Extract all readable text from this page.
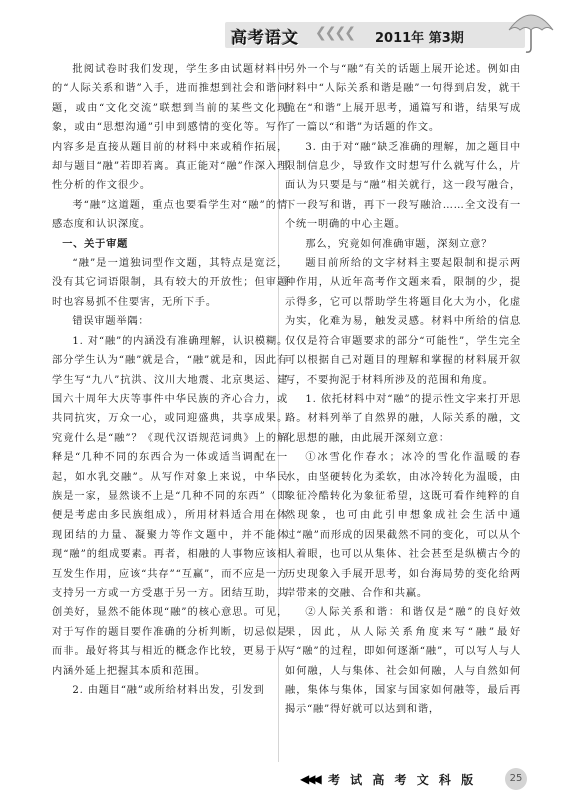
高考语文 ❮❮❮❮ 2011年 第3期

批阅试卷时我们发现，学生多由试题材料中的“人际关系和谐”入手，进而推想到社会和谐问题，或由“文化交流”联想到当前的某些文化现象，或由“思想沟通”引申到感情的变化等。写作内容多是直接从题目前的材料中来或稍作拓展，却与题目“融”若即若离。真正能对“融”作深入理性分析的作文很少。

考“融”这道题，重点也要看学生对“融”的情感态度和认识深度。

一、关于审题

“融”是一道独词型作文题，其特点是宽泛，没有其它词语限制，具有较大的开放性；但审题时也容易抓不住要害，无所下手。

错误审题举隅：

1. 对“融”的内涵没有准确理解，认识模糊。部分学生认为“融”就是合，“融”就是和，因此有学生写“九八”抗洪、汶川大地震、北京奥运、建国六十周年大庆等事件中华民族的齐心合力，或共同抗灾，万众一心，或同迎盛典，共享成果。究竟什么是“融”？《现代汉语规范词典》上的解释是“几种不同的东西合为一体或适当调配在一起，如水乳交融”。从写作对象上来说，中华民族是一家，显然谈不上是“几种不同的东西”（即便是考虑由多民族组成），所用材料适合用在体现团结的力量、凝聚力等作文题中，并不能体现“融”的组成要素。再者，相融的人事物应该相互发生作用，应该“共存”“互赢”，而不应是一方支持另一方或一方受惠于另一方。团结互助，共创美好，显然不能体现“融”的核心意思。可见，对于写作的题目要作准确的分析判断，切忌似是而非。最好将其与相近的概念作比较，更易于从内涵外延上把握其本质和范围。

2. 由题目“融”或所给材料出发，引发到

另外一个与“融”有关的话题上展开论述。例如由材料中“人际关系和谐是融”一句得到启发，就干脆在“和谐”上展开思考，通篇写和谐，结果写成了一篇以“和谐”为话题的作文。

3. 由于对“融”缺乏准确的理解，加之题目中限制信息少，导致作文时想写什么就写什么，片面认为只要是与“融”相关就行，这一段写融合，下一段写和谐，再下一段写融洽……全文没有一个统一明确的中心主题。

那么，究竟如何准确审题，深刻立意？

题目前所给的文字材料主要起限制和提示两种作用，从近年高考作文题来看，限制的少，提示得多，它可以帮助学生将题目化大为小，化虚为实，化难为易，触发灵感。材料中所给的信息仅仅是符合审题要求的部分“可能性”，学生完全可以根据自己对题目的理解和掌握的材料展开叙写，不要拘泥于材料所涉及的范围和角度。

1. 依托材料中对“融”的提示性文字来打开思路。材料列举了自然界的融，人际关系的融，文化思想的融，由此展开深刻立意：

①冰雪化作春水；冰冷的雪化作温暖的春水，由坚硬转化为柔软，由冰冷转化为温暖，由象征冷酷转化为象征希望，这既可看作纯粹的自然现象，也可由此引申想象成社会生活中通过“融”而形成的因果截然不同的变化，可以从个人着眼，也可以从集体、社会甚至是纵横古今的历史现象入手展开思考，如台海局势的变化给两岸带来的交融、合作和共赢。

②人际关系和谐：和谐仅是“融”的良好效果，因此，从人际关系角度来写“融”最好写“融”的过程，即如何逐渐“融”，可以写人与人如何融，人与集体、社会如何融，人与自然如何融，集体与集体，国家与国家如何融等，最后再揭示“融”得好就可以达到和谐，

◀◀◀ 考 试 高 考 文 科 版	25
